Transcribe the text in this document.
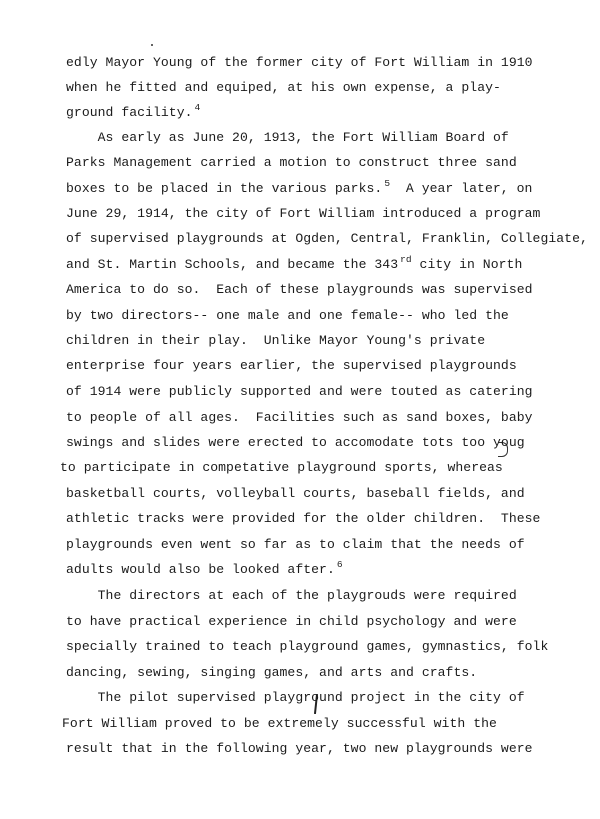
edly Mayor Young of the former city of Fort William in 1910
when he fitted and equiped, at his own expense, a play-
ground facility. $^4$
As early as June 20, 1913, the Fort William Board of
Parks Management carried a motion to construct three sand
boxes to be placed in the various parks. $^5$  A year later, on
June 29, 1914, the city of Fort William introduced a program
of supervised playgrounds at Ogden, Central, Franklin, Collegiate,
and St. Martin Schools, and became the 343 $^{rd}$ city in North
America to do so.  Each of these playgrounds was supervised
by two directors-- one male and one female-- who led the
children in their play.  Unlike Mayor Young's private
enterprise four years earlier, the supervised playgrounds
of 1914 were publicly supported and were touted as catering
to people of all ages.  Facilities such as sand boxes, baby
swings and slides were erected to accomodate tots too youg
to participate in competative playground sports, whereas
basketball courts, volleyball courts, baseball fields, and
athletic tracks were provided for the older children.  These
playgrounds even went so far as to claim that the needs of
adults would also be looked after. $^6$
The directors at each of the playgrouds were required
to have practical experience in child psychology and were
specially trained to teach playground games, gymnastics, folk
dancing, sewing, singing games, and arts and crafts.
The pilot supervised playground project in the city of
Fort William proved to be extremely successful with the
result that in the following year, two new playgrounds were
